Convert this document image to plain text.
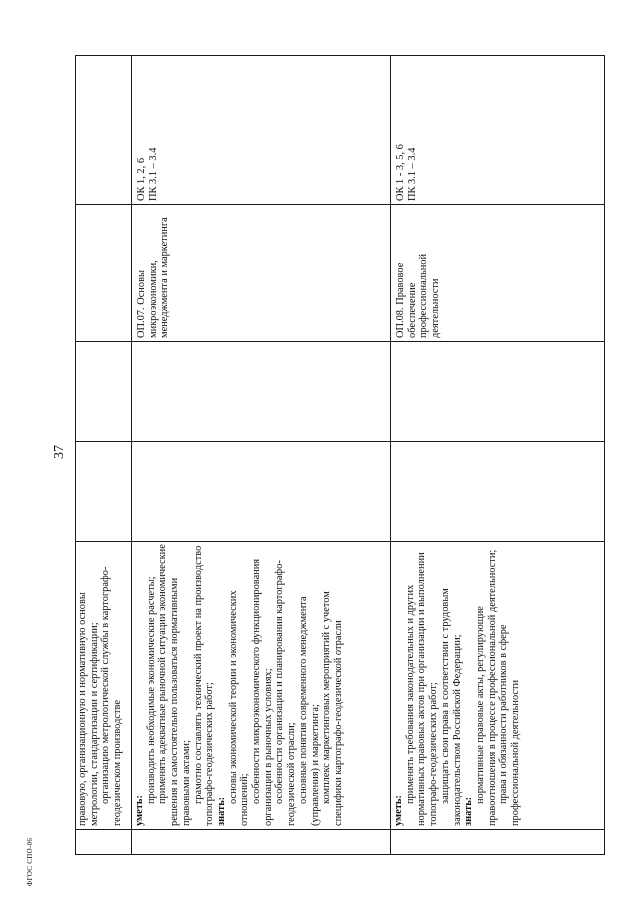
37

правовую, организационную и нормативную основы метрологии, стандартизации и сертификации; организацию метрологической службы в картографо-геодезическом производстве уметь:

производить необходимые экономические расчеты; применять адекватные рыночной ситуации экономические решения и самостоятельно пользоваться нормативными правовыми актами; грамотно составлять технический проект на производство топографо-геодезических работ; знать:

основы экономической теории и экономических отношений; особенности микроэкономического функционирования организации в рыночных условиях; особенности организации и планирования картографо-геодезической отрасли; основные понятия современного менеджмента (управления) и маркетинга; комплекс маркетинговых мероприятий с учетом специфики картографо-геодезической отрасли

ОП.07. Основы микроэкономики, менеджмента и маркетинга
ОК 1, 2, 6
ПК 3.1 – 3.4

уметь:

применять требования законодательных и других нормативных правовых актов при организации и выполнении топографо-геодезических работ; защищать свои права в соответствии с трудовым законодательством Российской Федерации; знать:

нормативные правовые акты, регулирующие правоотношения в процессе профессиональной деятельности; права и обязанности работников в сфере профессиональной деятельности

ОП.08. Правовое обеспечение профессиональной деятельности
ОК 1 - 3, 5, 6
ПК 3.1 – 3.4
ФГОС СПО-06
